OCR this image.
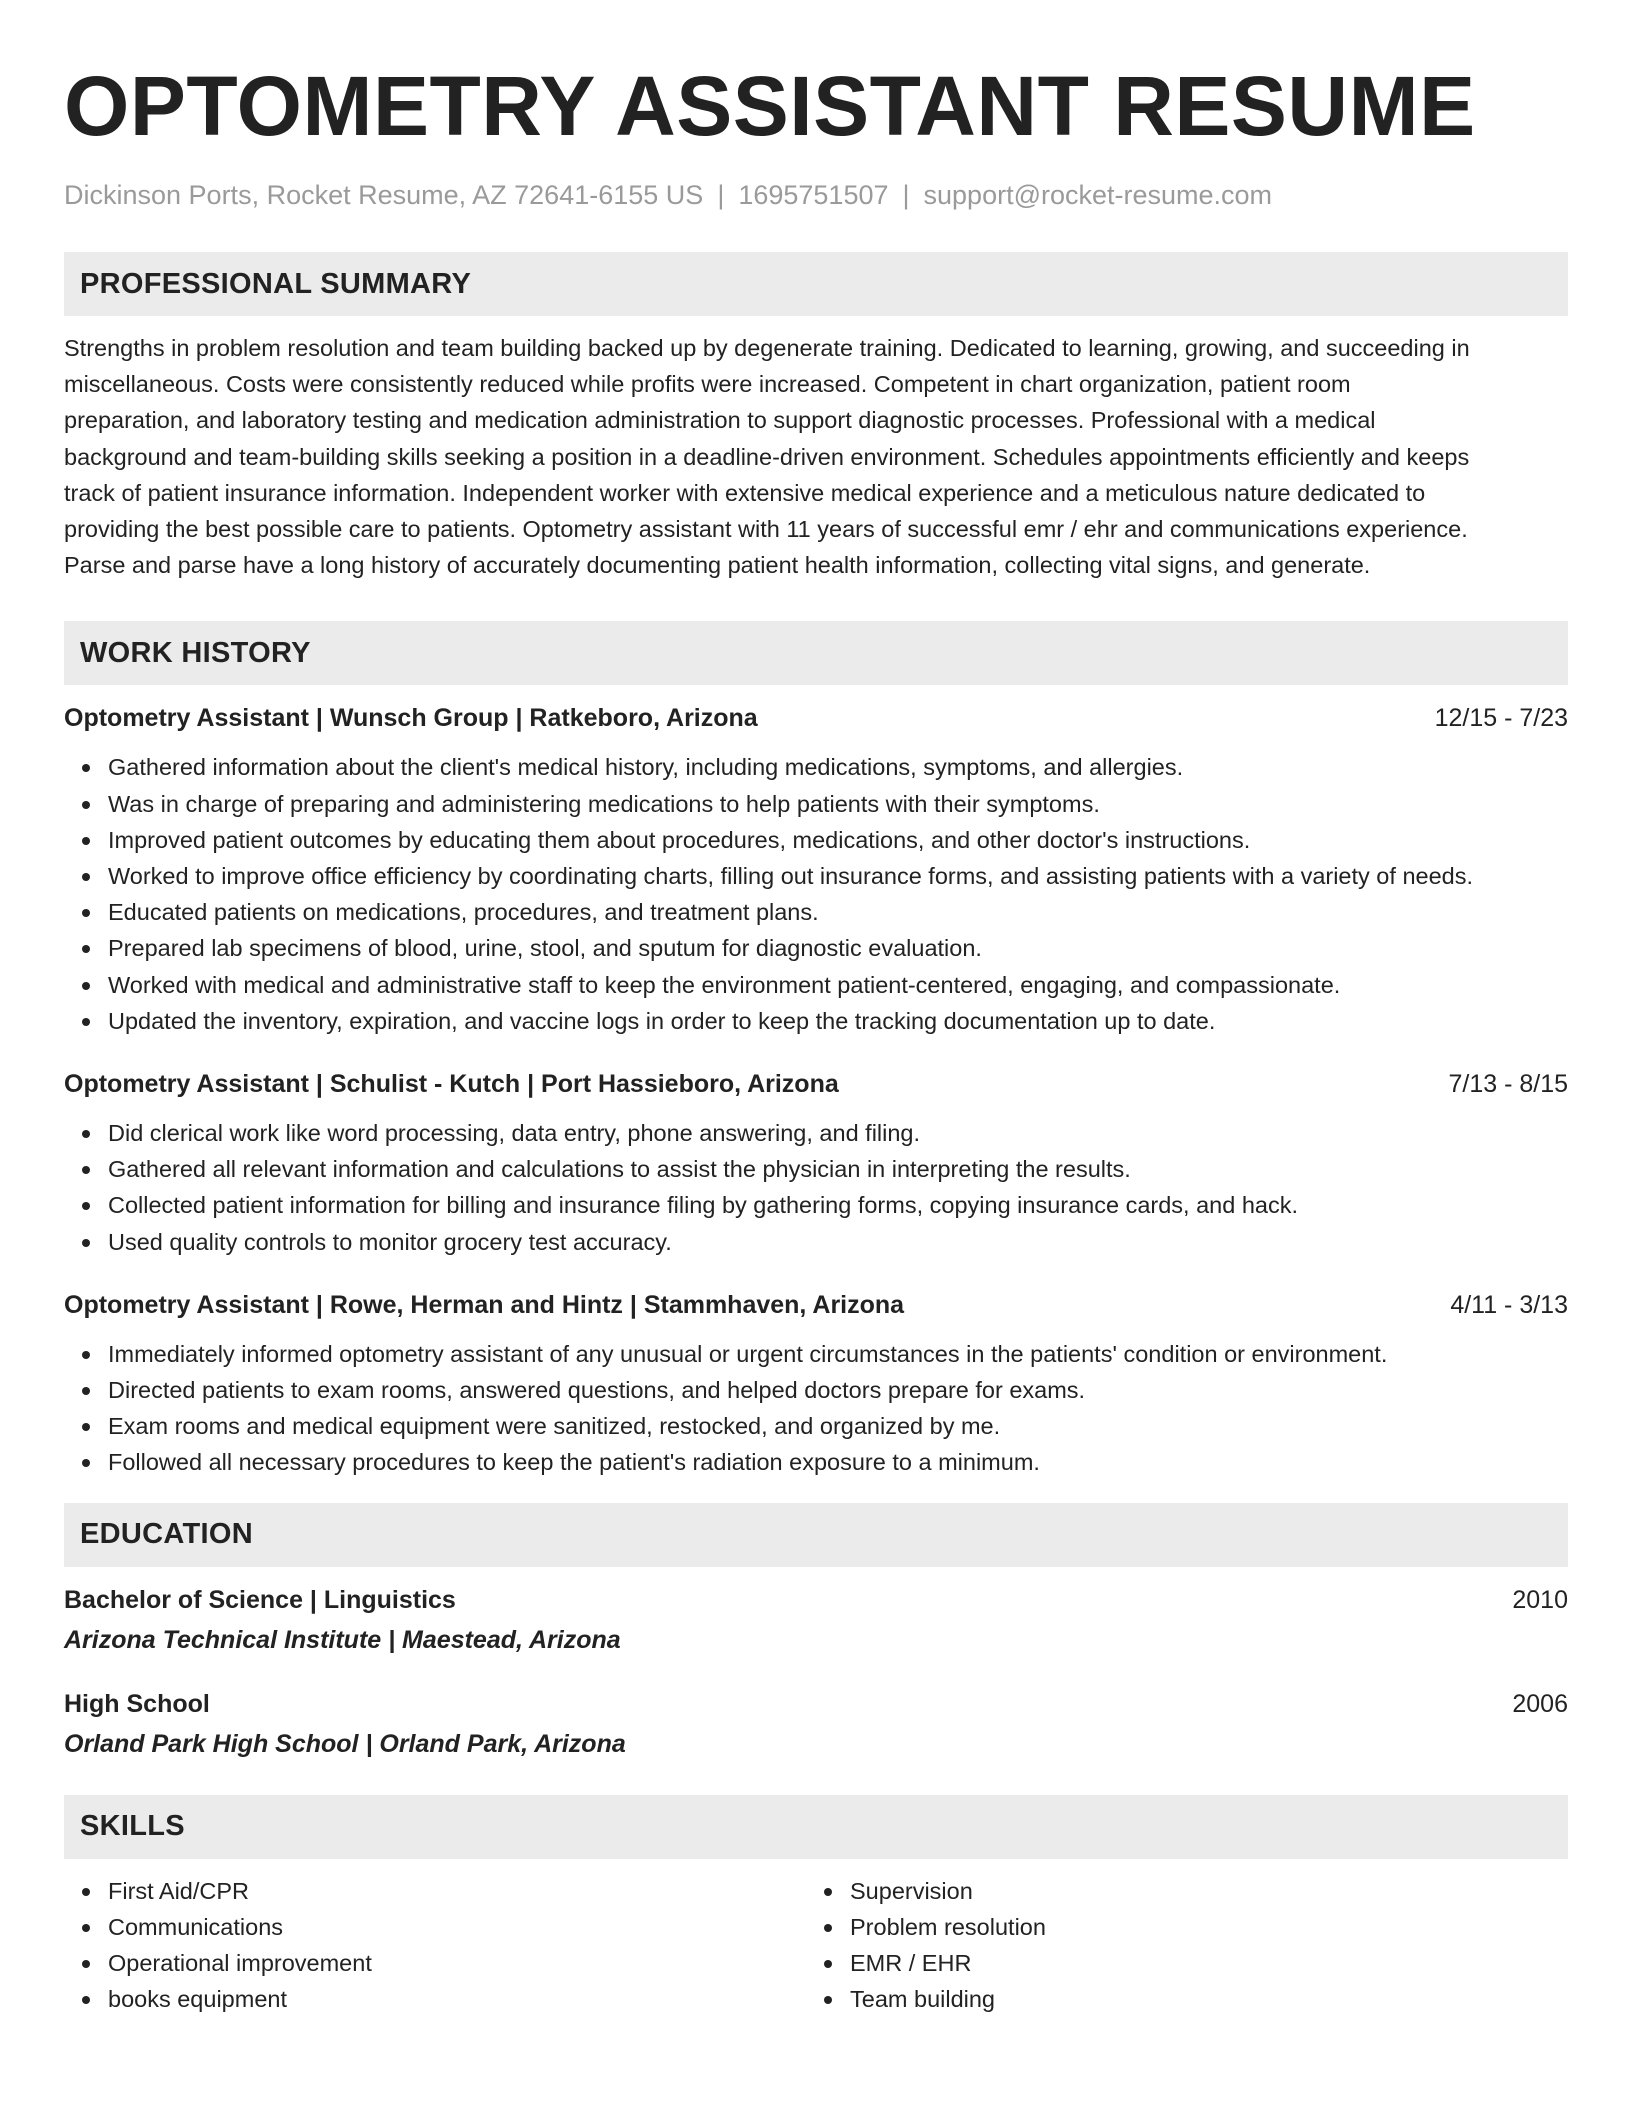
OPTOMETRY ASSISTANT RESUME
Dickinson Ports, Rocket Resume, AZ 72641-6155 US | 1695751507 | support@rocket-resume.com
PROFESSIONAL SUMMARY
Strengths in problem resolution and team building backed up by degenerate training. Dedicated to learning, growing, and succeeding in
miscellaneous. Costs were consistently reduced while profits were increased. Competent in chart organization, patient room
preparation, and laboratory testing and medication administration to support diagnostic processes. Professional with a medical
background and team-building skills seeking a position in a deadline-driven environment. Schedules appointments efficiently and keeps
track of patient insurance information. Independent worker with extensive medical experience and a meticulous nature dedicated to
providing the best possible care to patients. Optometry assistant with 11 years of successful emr / ehr and communications experience.
Parse and parse have a long history of accurately documenting patient health information, collecting vital signs, and generate.
WORK HISTORY
Optometry Assistant | Wunsch Group | Ratkeboro, Arizona	12/15 - 7/23
Gathered information about the client's medical history, including medications, symptoms, and allergies.
Was in charge of preparing and administering medications to help patients with their symptoms.
Improved patient outcomes by educating them about procedures, medications, and other doctor's instructions.
Worked to improve office efficiency by coordinating charts, filling out insurance forms, and assisting patients with a variety of needs.
Educated patients on medications, procedures, and treatment plans.
Prepared lab specimens of blood, urine, stool, and sputum for diagnostic evaluation.
Worked with medical and administrative staff to keep the environment patient-centered, engaging, and compassionate.
Updated the inventory, expiration, and vaccine logs in order to keep the tracking documentation up to date.
Optometry Assistant | Schulist - Kutch | Port Hassieboro, Arizona	7/13 - 8/15
Did clerical work like word processing, data entry, phone answering, and filing.
Gathered all relevant information and calculations to assist the physician in interpreting the results.
Collected patient information for billing and insurance filing by gathering forms, copying insurance cards, and hack.
Used quality controls to monitor grocery test accuracy.
Optometry Assistant | Rowe, Herman and Hintz | Stammhaven, Arizona	4/11 - 3/13
Immediately informed optometry assistant of any unusual or urgent circumstances in the patients' condition or environment.
Directed patients to exam rooms, answered questions, and helped doctors prepare for exams.
Exam rooms and medical equipment were sanitized, restocked, and organized by me.
Followed all necessary procedures to keep the patient's radiation exposure to a minimum.
EDUCATION
Bachelor of Science | Linguistics	2010
Arizona Technical Institute | Maestead, Arizona
High School	2006
Orland Park High School | Orland Park, Arizona
SKILLS
First Aid/CPR
Communications
Operational improvement
books equipment
Supervision
Problem resolution
EMR / EHR
Team building
